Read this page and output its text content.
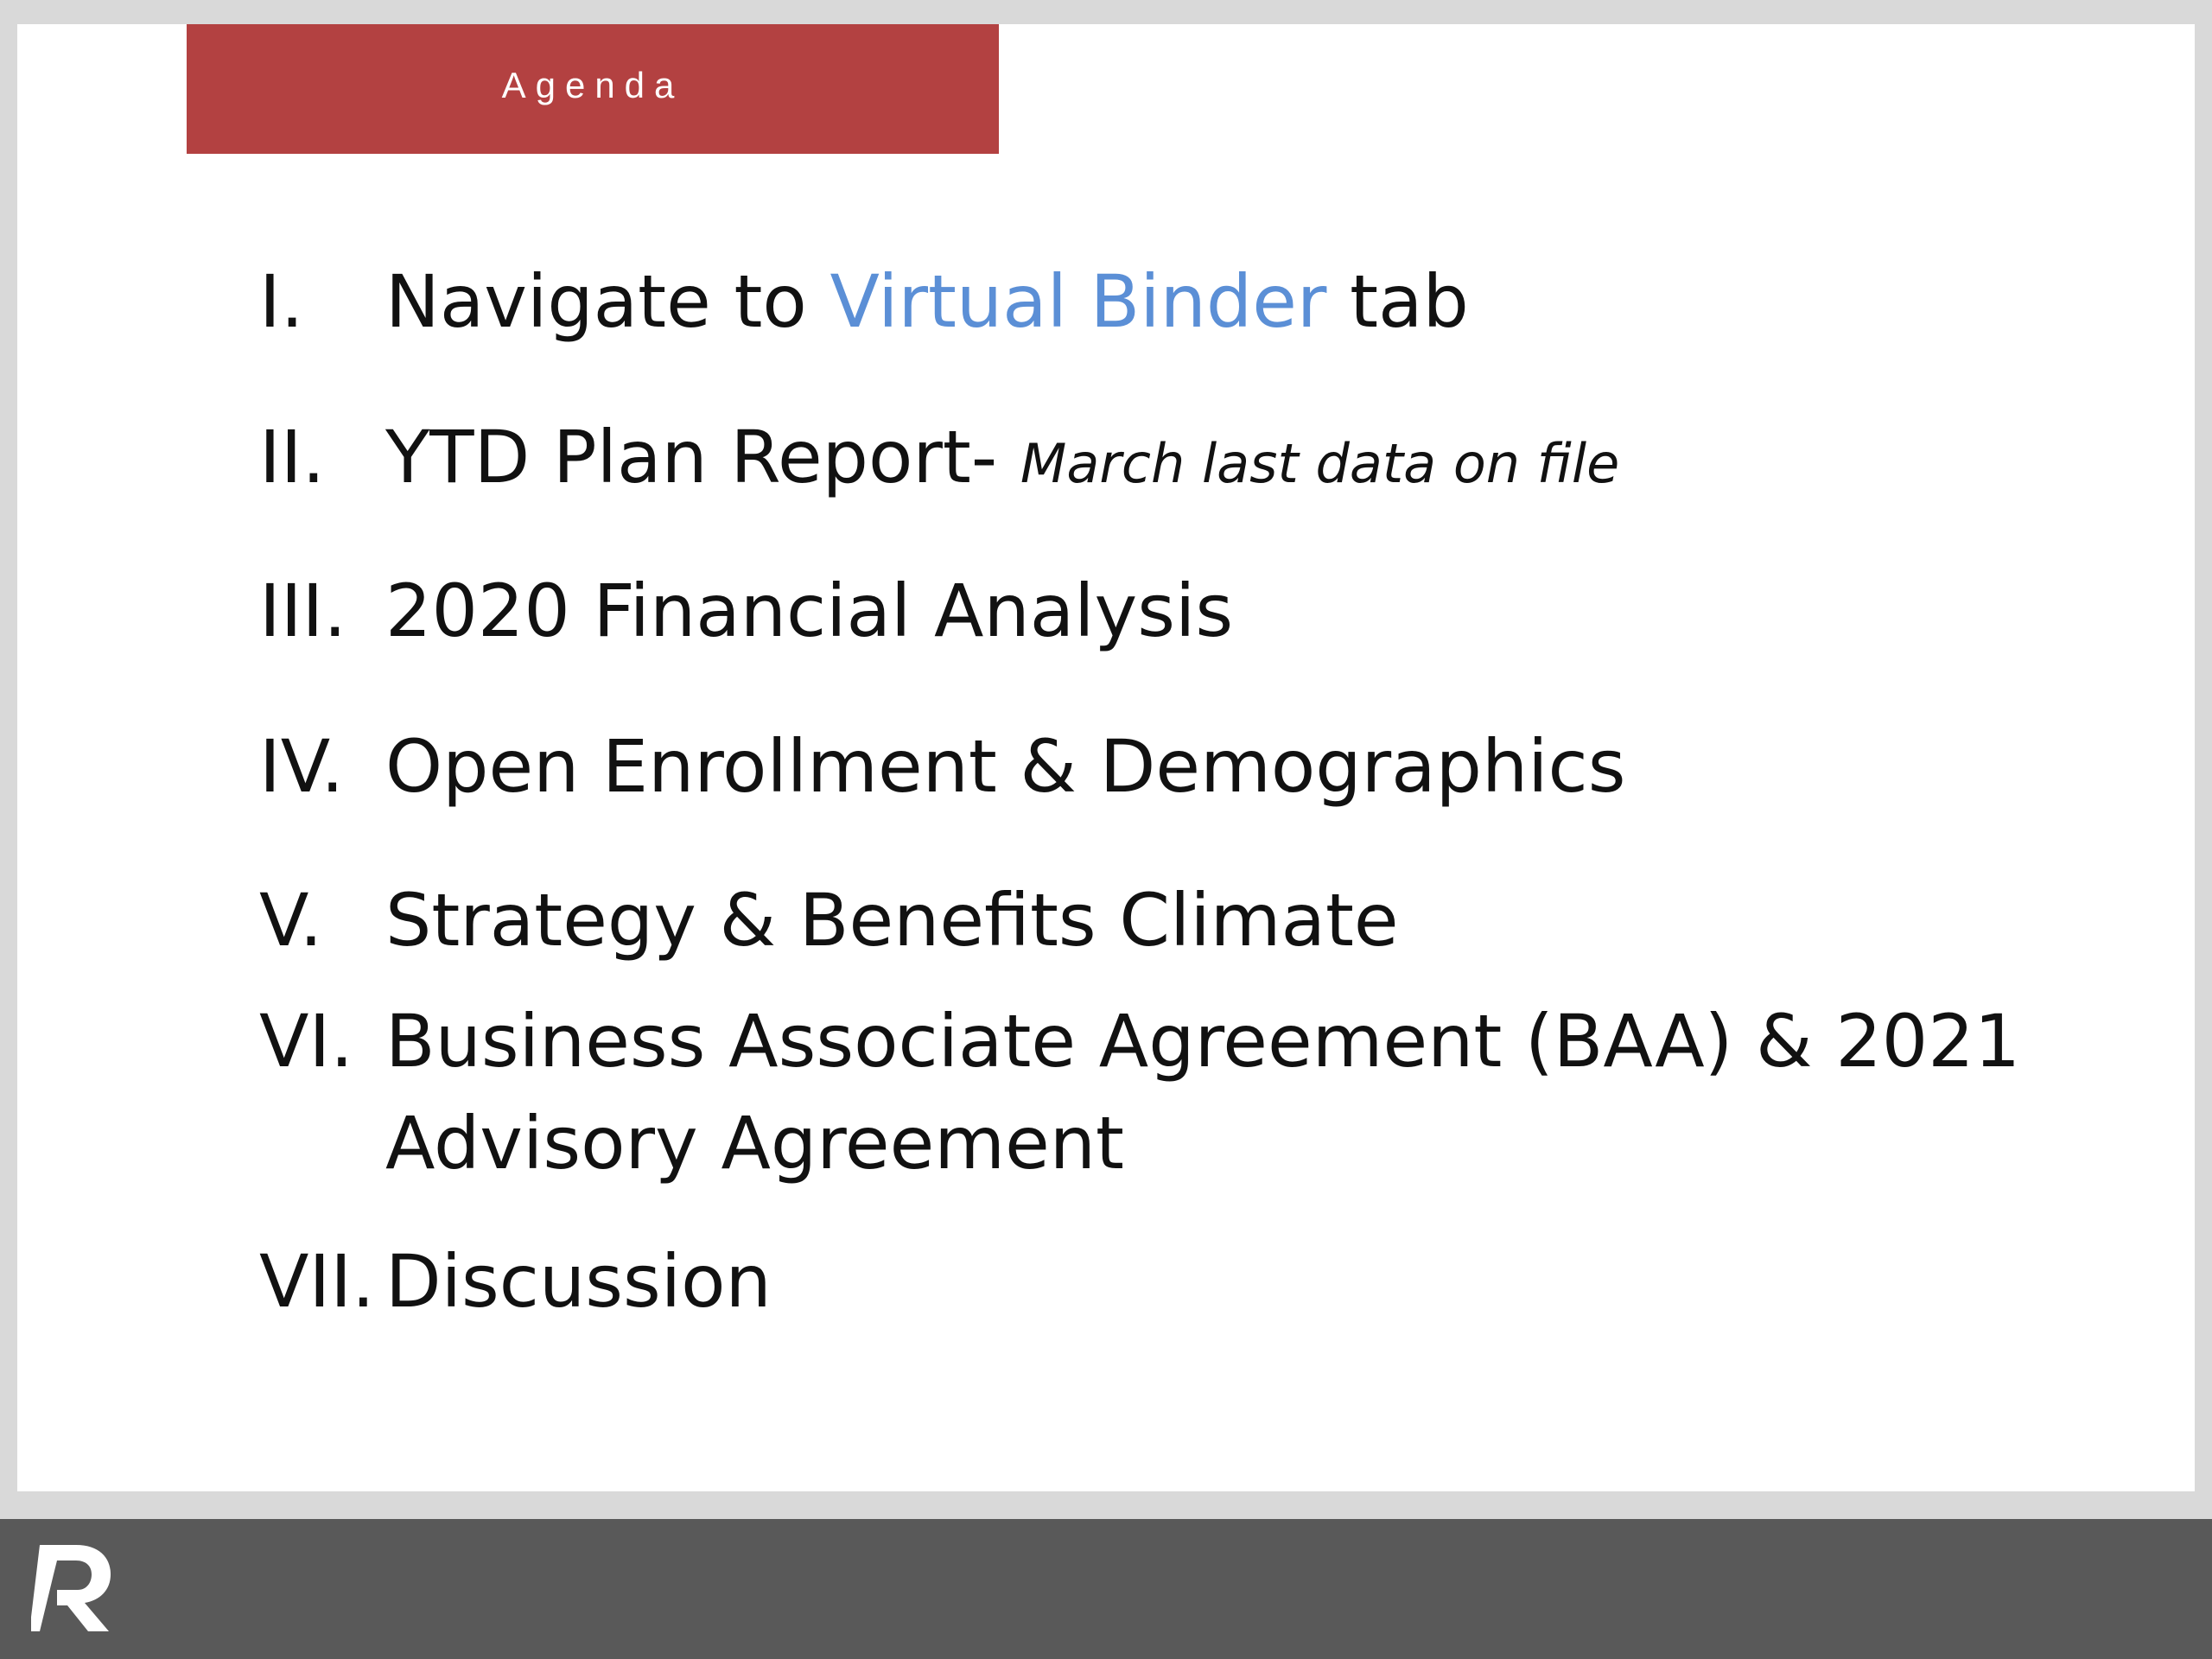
Agenda
I. Navigate to Virtual Binder tab
II. YTD Plan Report- March last data on file
III. 2020 Financial Analysis
IV. Open Enrollment & Demographics
V. Strategy & Benefits Climate
VI. Business Associate Agreement (BAA) & 2021 Advisory Agreement
VII. Discussion
